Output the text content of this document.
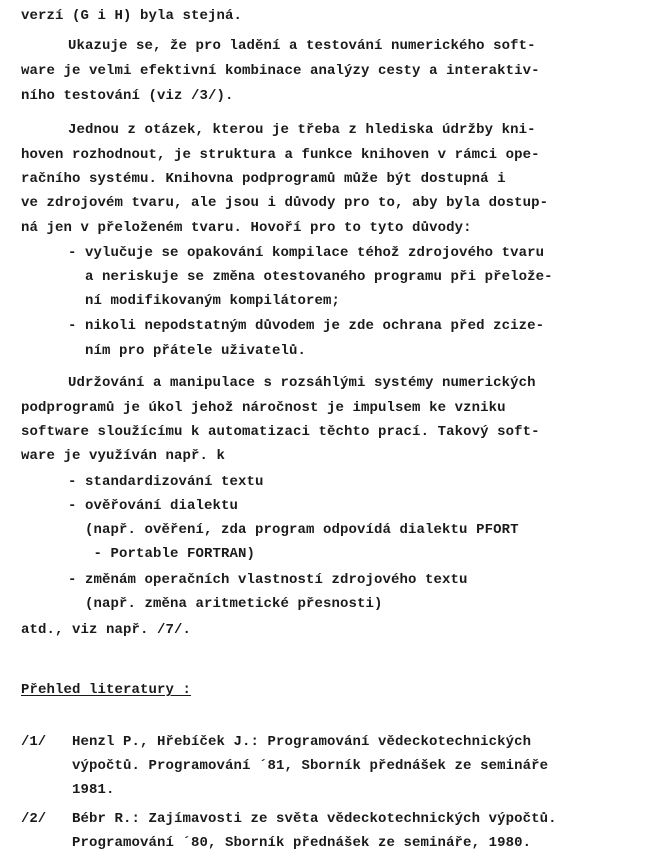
verzí (G i H) byla stejná.
Ukazuje se, že pro ladění a testování numerického soft-
ware je velmi efektivní kombinace analýzy cesty a interaktiv-
ního testování (viz /3/).
Jednou z otázek, kterou je třeba z hlediska údržby kni-
hoven rozhodnout, je struktura a funkce knihoven v rámci ope-
račního systému. Knihovna podprogramů může být dostupná i
ve zdrojovém tvaru, ale jsou i důvody pro to, aby byla dostup-
ná jen v přeloženém tvaru. Hovoří pro to tyto důvody:
- vylučuje se opakování kompilace téhož zdrojového tvaru
a neriskuje se změna otestovaného programu při přelože-
ní modifikovaným kompilátorem;
- nikoli nepodstatným důvodem je zde ochrana před zcize-
ním pro přátele uživatelů.
Udržování a manipulace s rozsáhlými systémy numerických
podprogramů je úkol jehož náročnost je impulsem ke vzniku
software sloužícímu k automatizaci těchto prací. Takový soft-
ware je využíván např. k
- standardizování textu
- ověřování dialektu
(např. ověření, zda program odpovídá dialektu PFORT
- Portable FORTRAN)
- změnám operačních vlastností zdrojového textu
(např. změna aritmetické přesnosti)
atd., viz např. /7/.
Přehled literatury :
/1/ Henzl P., Hřebíček J.: Programování vědeckotechnických
výpočtů. Programování ´81, Sborník přednášek ze semináře
1981.
/2/ Bébr R.: Zajímavosti ze světa vědeckotechnických výpočtů.
Programování ´80, Sborník přednášek ze semináře, 1980.
